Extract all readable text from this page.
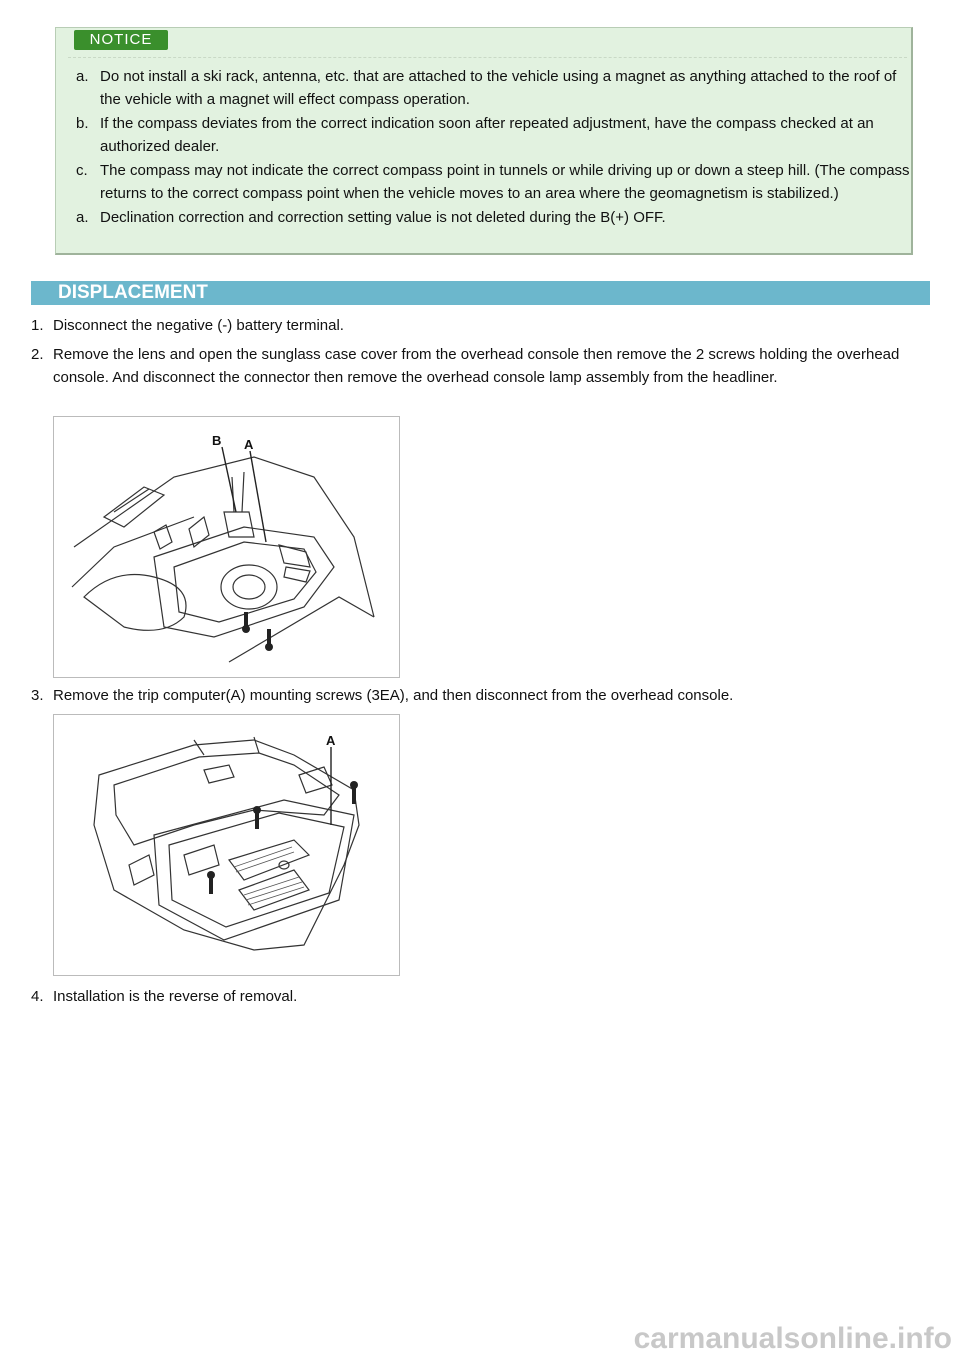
NOTICE
a. Do not install a ski rack, antenna, etc. that are attached to the vehicle using a magnet as anything attached to the roof of the vehicle with a magnet will effect compass operation.
b. If the compass deviates from the correct indication soon after repeated adjustment, have the compass checked at an authorized dealer.
c. The compass may not indicate the correct compass point in tunnels or while driving up or down a steep hill. (The compass returns to the correct compass point when the vehicle moves to an area where the geomagnetism is stabilized.)
a. Declination correction and correction setting value is not deleted during the B(+) OFF.
DISPLACEMENT
1. Disconnect the negative (-) battery terminal.
2. Remove the lens and open the sunglass case cover from the overhead console then remove the 2 screws holding the overhead console. And disconnect the connector then remove the overhead console lamp assembly from the headliner.
3. Remove the trip computer(A) mounting screws (3EA), and then disconnect from the overhead console.
4. Installation is the reverse of removal.
B A
A
carmanualsonline.info
